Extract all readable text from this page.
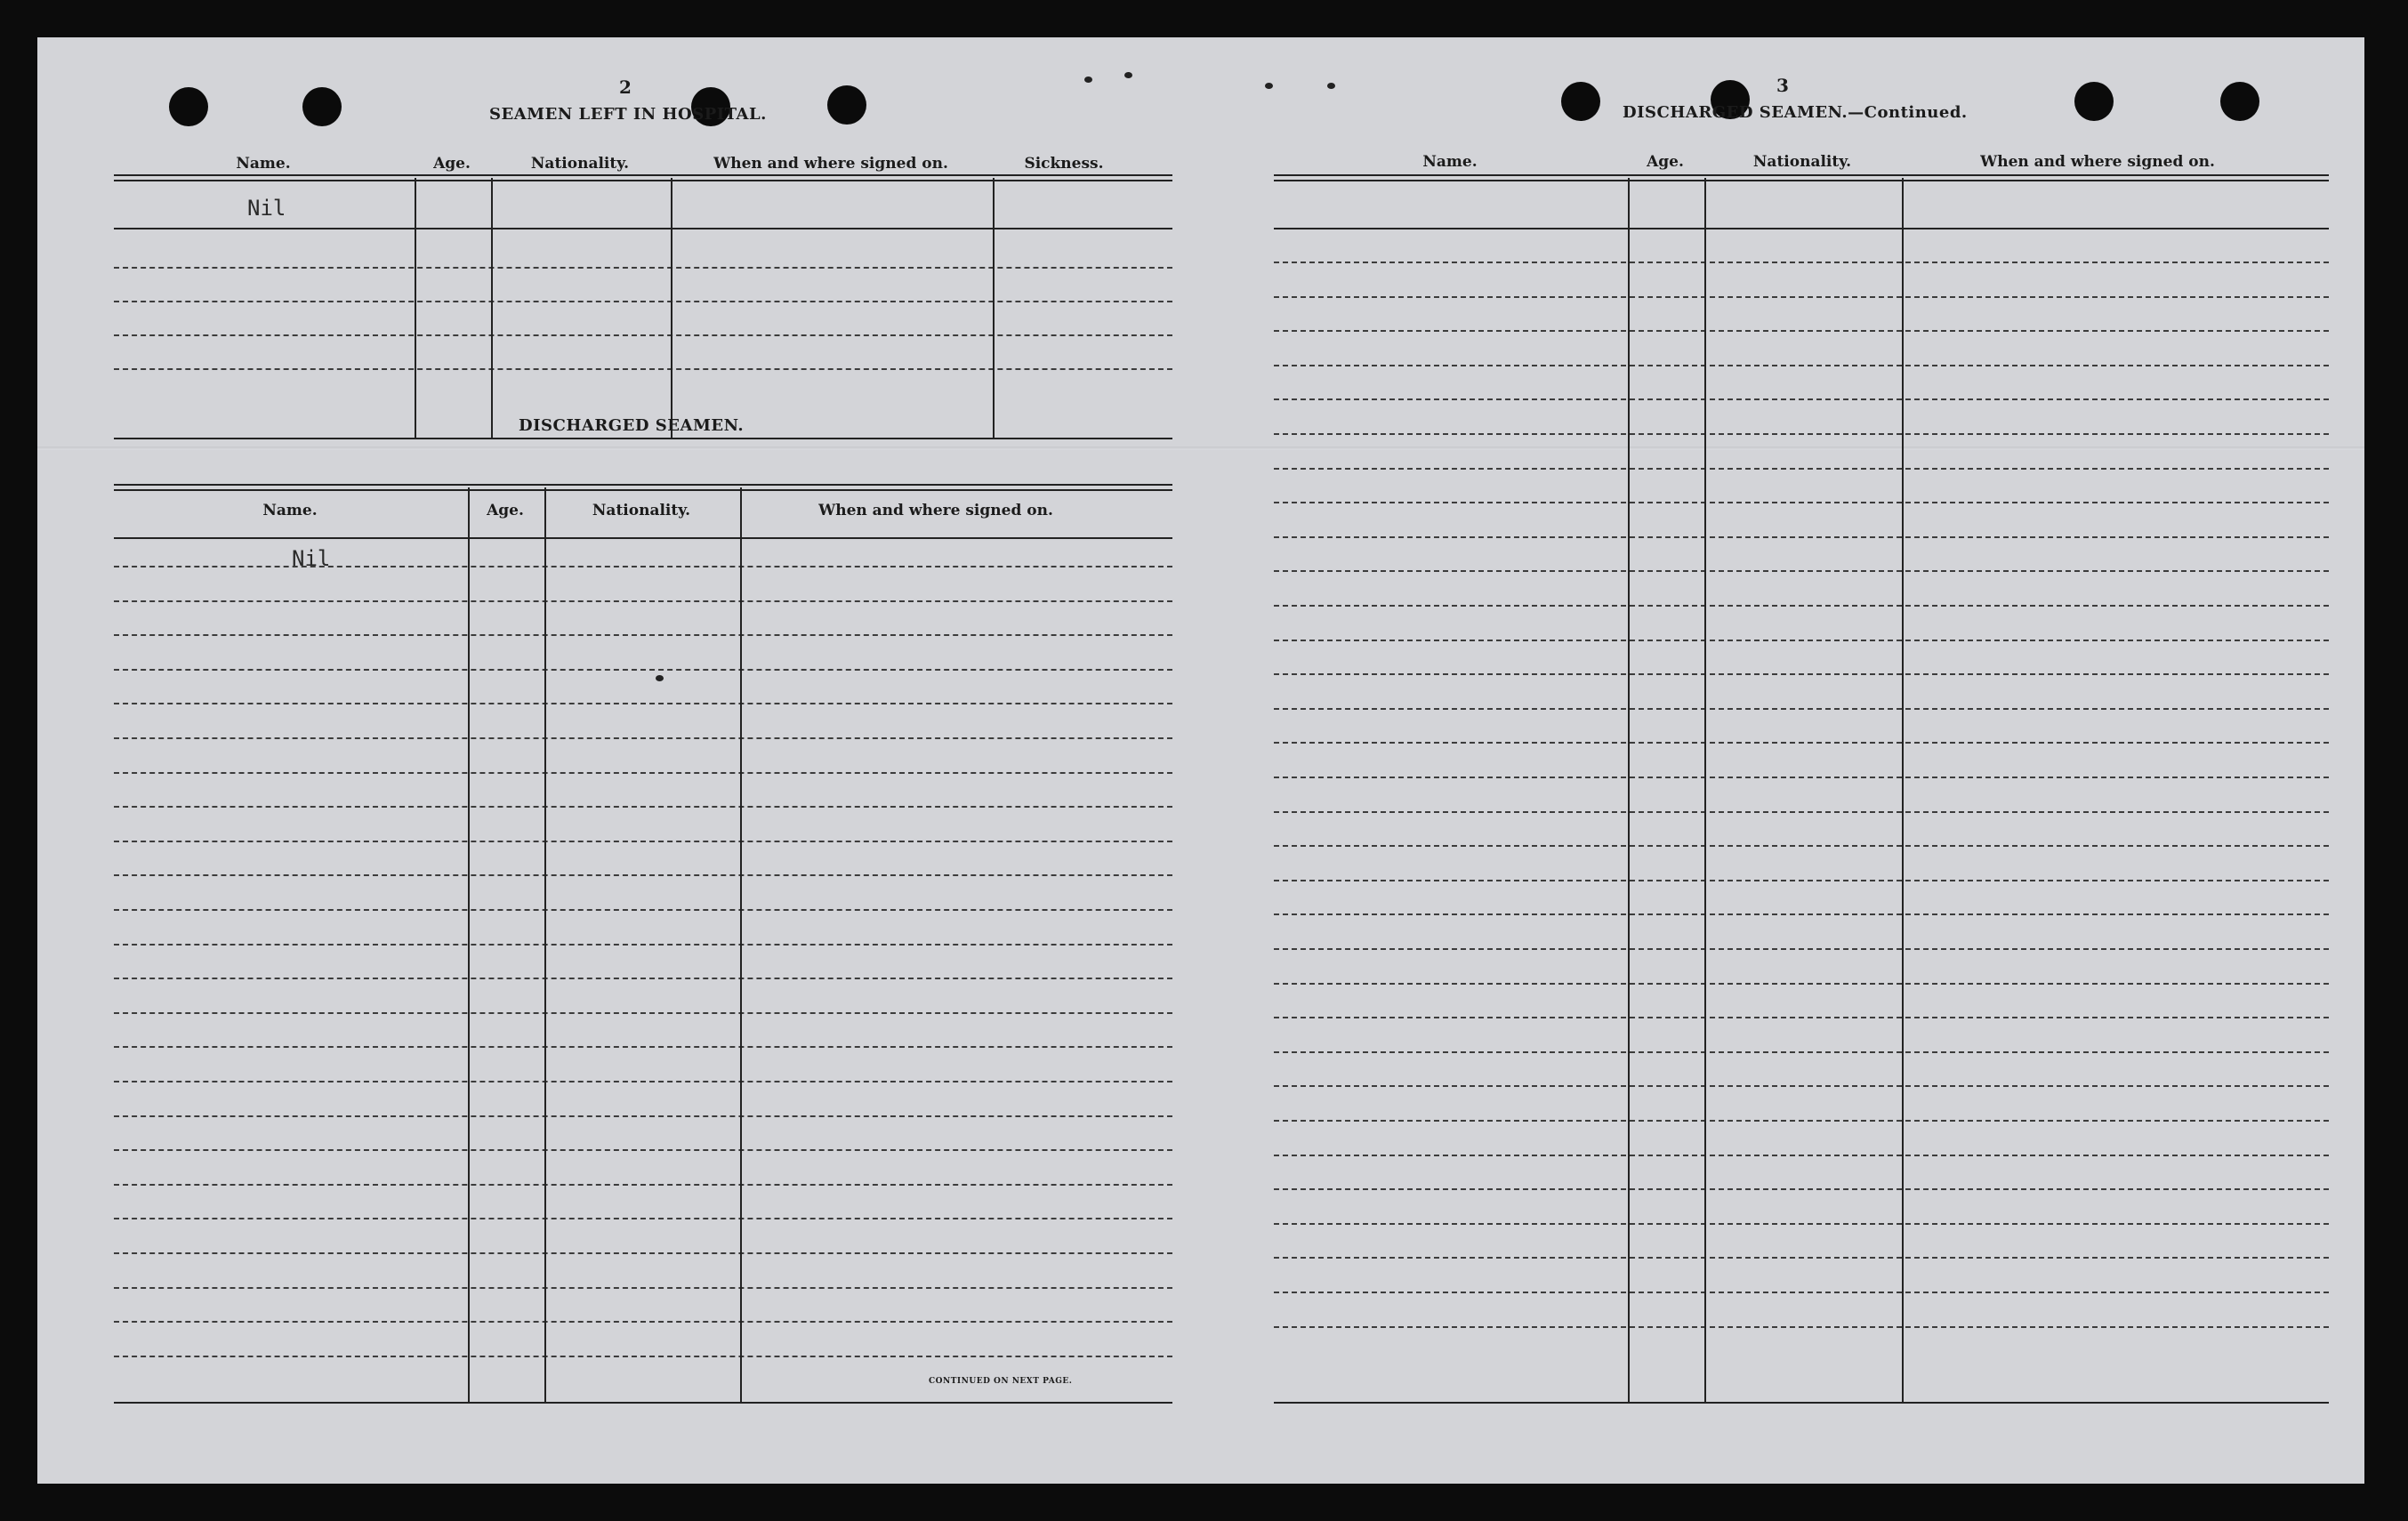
2
SEAMEN LEFT IN HOSPITAL.
Name.	Age.	Nationality.	When and where signed on.	Sickness.
Nil
DISCHARGED SEAMEN.
Name.	Age.	Nationality.	When and where signed on.
Nil
CONTINUED ON NEXT PAGE.
3
DISCHARGED SEAMEN.—Continued.
Name.	Age.	Nationality.	When and where signed on.
